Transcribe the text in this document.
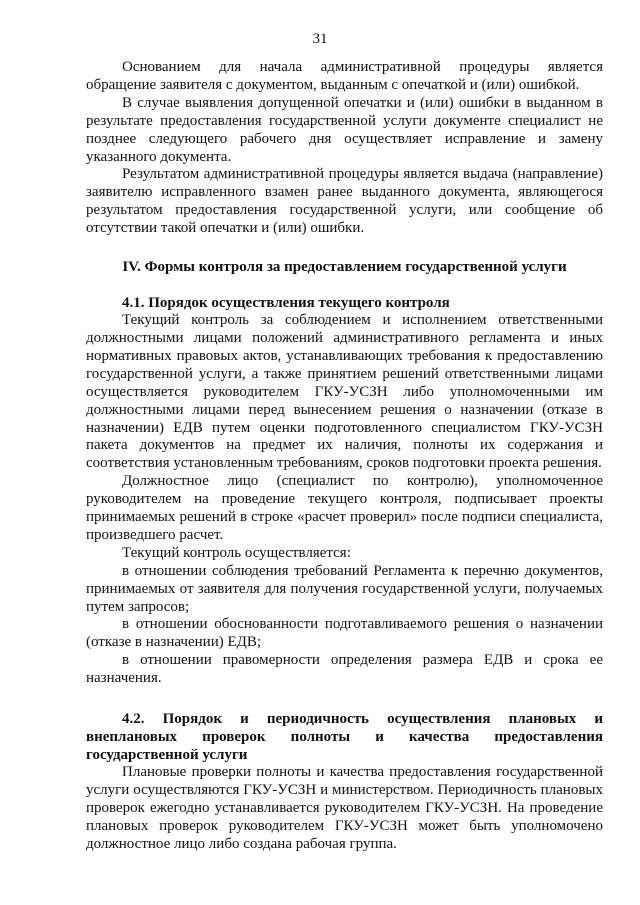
31

Основанием для начала административной процедуры является обращение заявителя с документом, выданным с опечаткой и (или) ошибкой.

В случае выявления допущенной опечатки и (или) ошибки в выданном в результате предоставления государственной услуги документе специалист не позднее следующего рабочего дня осуществляет исправление и замену указанного документа.

Результатом административной процедуры является выдача (направление) заявителю исправленного взамен ранее выданного документа, являющегося результатом предоставления государственной услуги, или сообщение об отсутствии такой опечатки и (или) ошибки.

IV. Формы контроля за предоставлением государственной услуги
4.1. Порядок осуществления текущего контроля

Текущий контроль за соблюдением и исполнением ответственными должностными лицами положений административного регламента и иных нормативных правовых актов, устанавливающих требования к предоставлению государственной услуги, а также принятием решений ответственными лицами осуществляется руководителем ГКУ-УСЗН либо уполномоченными им должностными лицами перед вынесением решения о назначении (отказе в назначении) ЕДВ путем оценки подготовленного специалистом ГКУ-УСЗН пакета документов на предмет их наличия, полноты их содержания и соответствия установленным требованиям, сроков подготовки проекта решения.

Должностное лицо (специалист по контролю), уполномоченное руководителем на проведение текущего контроля, подписывает проекты принимаемых решений в строке «расчет проверил» после подписи специалиста, произведшего расчет.

Текущий контроль осуществляется:

в отношении соблюдения требований Регламента к перечню документов, принимаемых от заявителя для получения государственной услуги, получаемых путем запросов;

в отношении обоснованности подготавливаемого решения о назначении (отказе в назначении) ЕДВ;

в отношении правомерности определения размера ЕДВ и срока ее назначения.

4.2. Порядок и периодичность осуществления плановых и внеплановых проверок полноты и качества предоставления государственной услуги

Плановые проверки полноты и качества предоставления государственной услуги осуществляются ГКУ-УСЗН и министерством. Периодичность плановых проверок ежегодно устанавливается руководителем ГКУ-УСЗН. На проведение плановых проверок руководителем ГКУ-УСЗН может быть уполномочено должностное лицо либо создана рабочая группа.
